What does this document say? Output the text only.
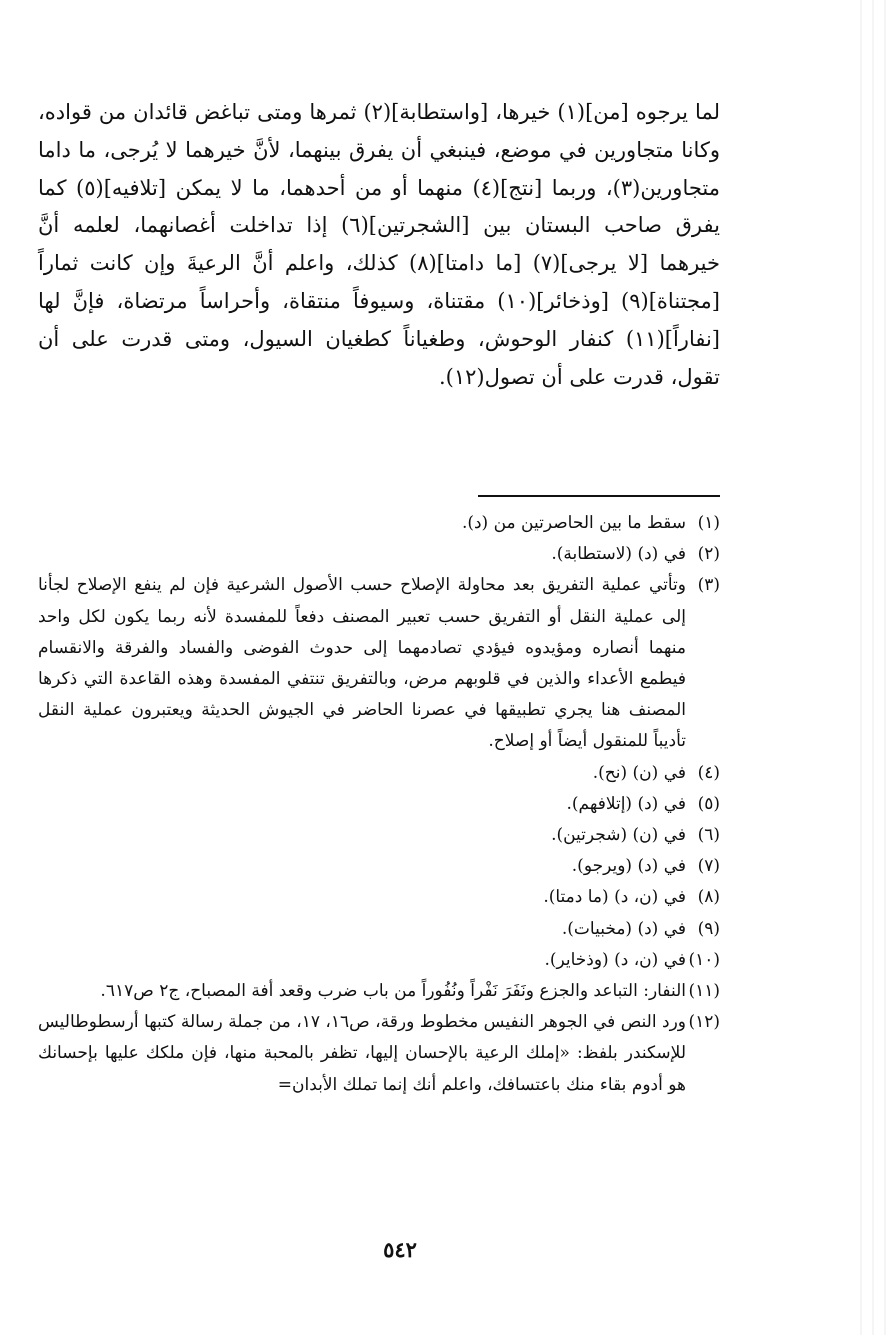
لما يرجوه [من](١) خيرها، [واستطابة](٢) ثمرها ومتى تباغض قائدان من قواده، وكانا متجاورين في موضع، فينبغي أن يفرق بينهما، لأنَّ خيرهما لا يُرجى، ما داما متجاورين(٣)، وربما [نتج](٤) منهما أو من أحدهما، ما لا يمكن [تلافيه](٥) كما يفرق صاحب البستان بين [الشجرتين](٦) إذا تداخلت أغصانهما، لعلمه أنَّ خيرهما [لا يرجى](٧) [ما دامتا](٨) كذلك، واعلم أنَّ الرعيةَ وإن كانت ثماراً [مجتناة](٩) [وذخائر](١٠) مقتناة، وسيوفاً منتقاة، وأحراساً مرتضاة، فإنَّ لها [نفاراً](١١) كنفار الوحوش، وطغياناً كطغيان السيول، ومتى قدرت على أن تقول، قدرت على أن تصول(١٢).

(١)
سقط ما بين الحاصرتين من (د).
(٢)
في (د) (لاستطابة).
(٣)
وتأتي عملية التفريق بعد محاولة الإصلاح حسب الأصول الشرعية فإن لم ينفع الإصلاح لجأنا إلى عملية النقل أو التفريق حسب تعبير المصنف دفعاً للمفسدة لأنه ربما يكون لكل واحد منهما أنصاره ومؤيدوه فيؤدي تصادمهما إلى حدوث الفوضى والفساد والفرقة والانقسام فيطمع الأعداء والذين في قلوبهم مرض، وبالتفريق تنتفي المفسدة وهذه القاعدة التي ذكرها المصنف هنا يجري تطبيقها في عصرنا الحاضر في الجيوش الحديثة ويعتبرون عملية النقل تأديباً للمنقول أيضاً أو إصلاح.
(٤)
في (ن) (نح).
(٥)
في (د) (إتلافهم).
(٦)
في (ن) (شجرتين).
(٧)
في (د) (ويرجو).
(٨)
في (ن، د) (ما دمتا).
(٩)
في (د) (مخبيات).
(١٠)
في (ن، د) (وذخاير).
(١١)
النفار: التباعد والجزع ونَفَرَ نَفْراً ونُفُوراً من باب ضرب وقعد أفة المصباح، ج٢ ص٦١٧.
(١٢)
ورد النص في الجوهر النفيس مخطوط ورقة، ص١٦، ١٧، من جملة رسالة كتبها أرسطوطاليس للإسكندر بلفظ: «إملك الرعية بالإحسان إليها، تظفر بالمحبة منها، فإن ملكك عليها بإحسانك هو أدوم بقاء منك باعتسافك، واعلم أنك إنما تملك الأبدان=
٥٤٢
